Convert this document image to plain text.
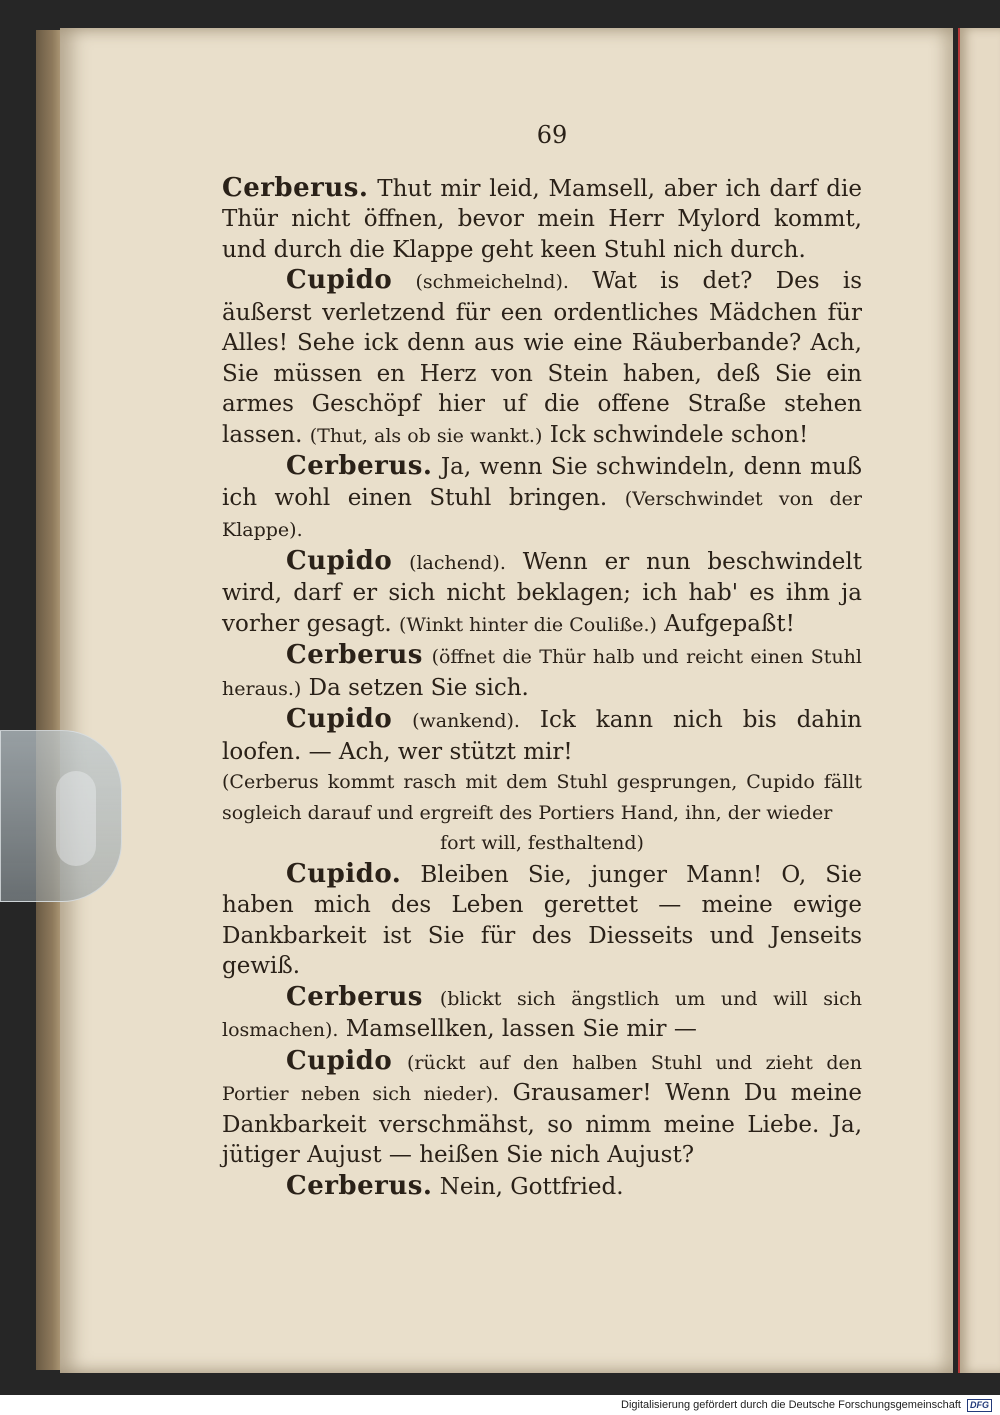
69

Cerberus. Thut mir leid, Mamsell, aber ich darf die Thür nicht öffnen, bevor mein Herr Mylord kommt, und durch die Klappe geht keen Stuhl nich durch.

Cupido (schmeichelnd). Wat is det? Des is äußerst verletzend für een ordentliches Mädchen für Alles! Sehe ick denn aus wie eine Räuberbande? Ach, Sie müssen en Herz von Stein haben, deß Sie ein armes Geschöpf hier uf die offene Straße stehen lassen. (Thut, als ob sie wankt.) Ick schwindele schon!

Cerberus. Ja, wenn Sie schwindeln, denn muß ich wohl einen Stuhl bringen. (Verschwindet von der Klappe).

Cupido (lachend). Wenn er nun beschwindelt wird, darf er sich nicht beklagen; ich hab' es ihm ja vorher gesagt. (Winkt hinter die Couliße.) Aufgepaßt!

Cerberus (öffnet die Thür halb und reicht einen Stuhl heraus.) Da setzen Sie sich.

Cupido (wankend). Ick kann nich bis dahin loofen. — Ach, wer stützt mir!

(Cerberus kommt rasch mit dem Stuhl gesprungen, Cupido fällt sogleich darauf und ergreift des Portiers Hand, ihn, der wieder

fort will, festhaltend)

Cupido. Bleiben Sie, junger Mann! O, Sie haben mich des Leben gerettet — meine ewige Dankbarkeit ist Sie für des Diesseits und Jenseits gewiß.

Cerberus (blickt sich ängstlich um und will sich losmachen). Mamsellken, lassen Sie mir —

Cupido (rückt auf den halben Stuhl und zieht den Portier neben sich nieder). Grausamer! Wenn Du meine Dankbarkeit verschmähst, so nimm meine Liebe. Ja, jütiger Aujust — heißen Sie nich Aujust?

Cerberus. Nein, Gottfried.

Digitalisierung gefördert durch die Deutsche Forschungsgemeinschaft DFG
